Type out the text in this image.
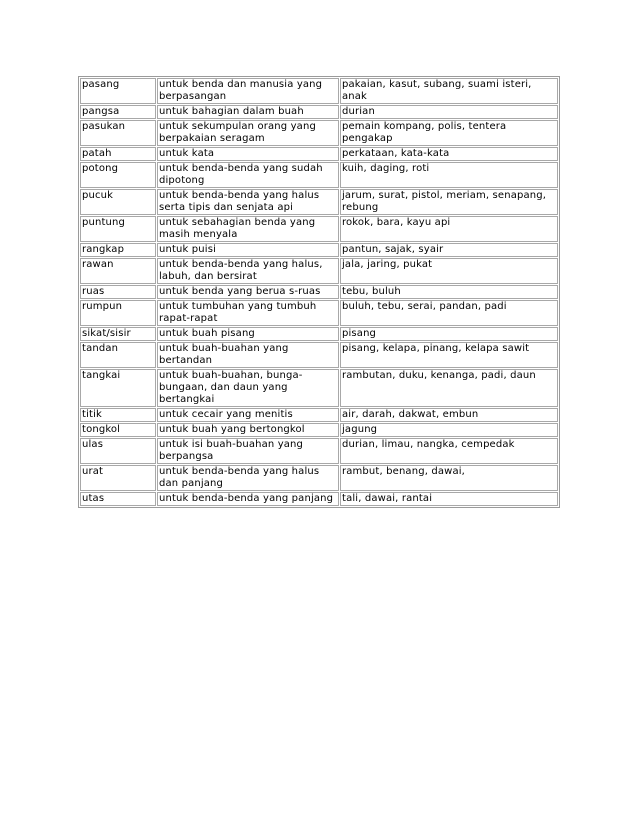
pasang	untuk benda dan manusia yang berpasangan	pakaian, kasut, subang, suami isteri, anak
pangsa	untuk bahagian dalam buah	durian
pasukan	untuk sekumpulan orang yang berpakaian seragam	pemain kompang, polis, tentera pengakap
patah	untuk kata	perkataan, kata-kata
potong	untuk benda-benda yang sudah dipotong	kuih, daging, roti
pucuk	untuk benda-benda yang halus serta tipis dan senjata api	jarum, surat, pistol, meriam, senapang, rebung
puntung	untuk sebahagian benda yang masih menyala	rokok, bara, kayu api
rangkap	untuk puisi	pantun, sajak, syair
rawan	untuk benda-benda yang halus, labuh, dan bersirat	jala, jaring, pukat
ruas	untuk benda yang berua s-ruas	tebu, buluh
rumpun	untuk tumbuhan yang tumbuh rapat-rapat	buluh, tebu, serai, pandan, padi
sikat/sisir	untuk buah pisang	pisang
tandan	untuk buah-buahan yang bertandan	pisang, kelapa, pinang, kelapa sawit
tangkai	untuk buah-buahan, bunga-bungaan, dan daun yang bertangkai	rambutan, duku, kenanga, padi, daun
titik	untuk cecair yang menitis	air, darah, dakwat, embun
tongkol	untuk buah yang bertongkol	jagung
ulas	untuk isi buah-buahan yang berpangsa	durian, limau, nangka, cempedak
urat	untuk benda-benda yang halus dan panjang	rambut, benang, dawai,
utas	untuk benda-benda yang panjang	tali, dawai, rantai
